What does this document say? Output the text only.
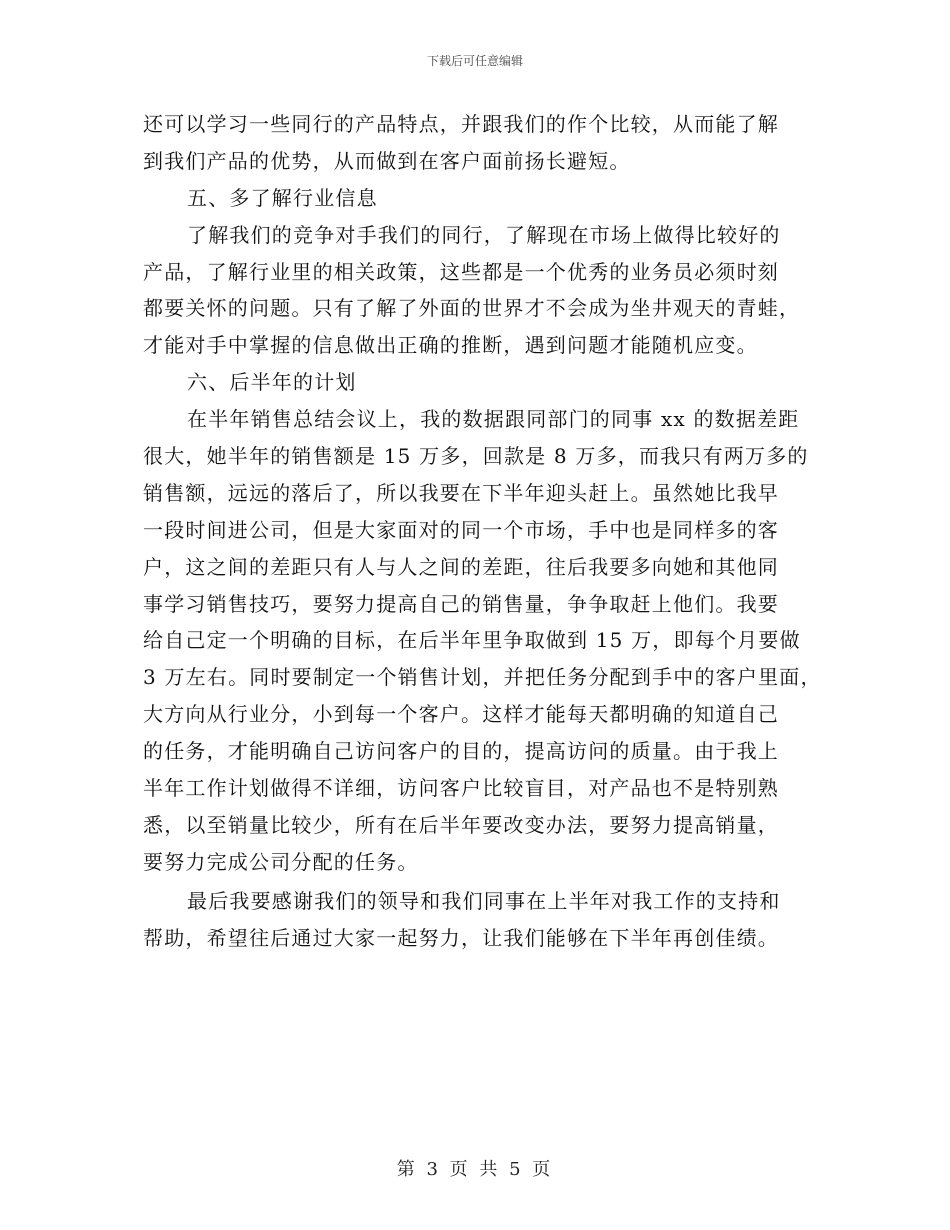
下载后可任意编辑
还可以学习一些同行的产品特点，并跟我们的作个比较，从而能了解
到我们产品的优势，从而做到在客户面前扬长避短。
五、多了解行业信息
了解我们的竞争对手我们的同行，了解现在市场上做得比较好的
产品，了解行业里的相关政策，这些都是一个优秀的业务员必须时刻
都要关怀的问题。只有了解了外面的世界才不会成为坐井观天的青蛙，
才能对手中掌握的信息做出正确的推断，遇到问题才能随机应变。
六、后半年的计划
在半年销售总结会议上，我的数据跟同部门的同事 xx 的数据差距
很大，她半年的销售额是 15 万多，回款是 8 万多，而我只有两万多的
销售额，远远的落后了，所以我要在下半年迎头赶上。虽然她比我早
一段时间进公司，但是大家面对的同一个市场，手中也是同样多的客
户，这之间的差距只有人与人之间的差距，往后我要多向她和其他同
事学习销售技巧，要努力提高自己的销售量，争争取赶上他们。我要
给自己定一个明确的目标，在后半年里争取做到 15 万，即每个月要做
3 万左右。同时要制定一个销售计划，并把任务分配到手中的客户里面，
大方向从行业分，小到每一个客户。这样才能每天都明确的知道自己
的任务，才能明确自己访问客户的目的，提高访问的质量。由于我上
半年工作计划做得不详细，访问客户比较盲目，对产品也不是特别熟
悉，以至销量比较少，所有在后半年要改变办法，要努力提高销量，
要努力完成公司分配的任务。
最后我要感谢我们的领导和我们同事在上半年对我工作的支持和
帮助，希望往后通过大家一起努力，让我们能够在下半年再创佳绩。
第 3 页 共 5 页
